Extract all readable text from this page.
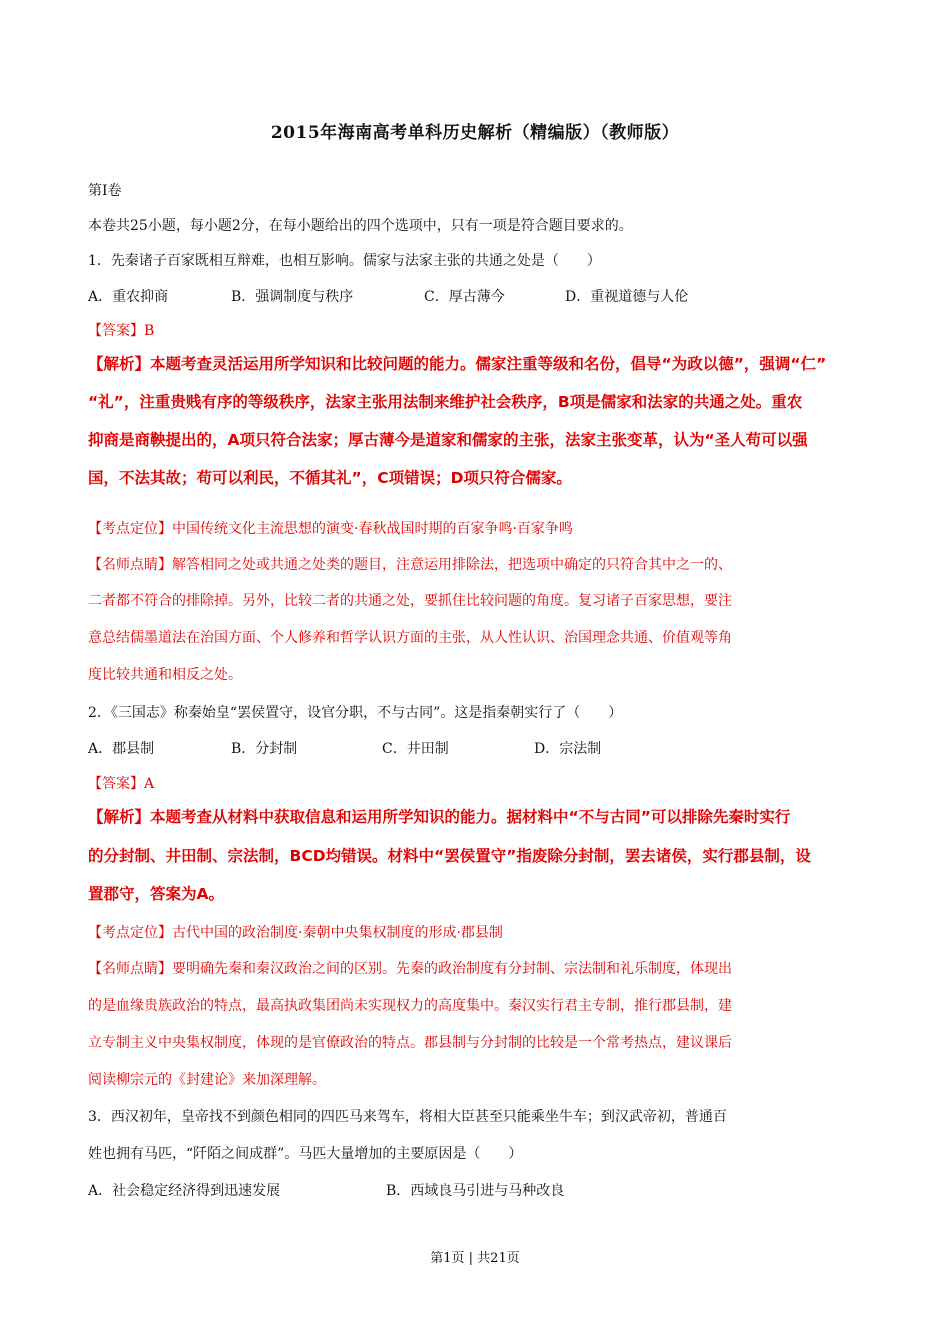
2015年海南高考单科历史解析（精编版）（教师版）
第Ⅰ卷
本卷共25小题，每小题2分，在每小题给出的四个选项中，只有一项是符合题目要求的。
1．先秦诸子百家既相互辩难，也相互影响。儒家与法家主张的共通之处是（　　）
A．重农抑商	B．强调制度与秩序	C．厚古薄今	D．重视道德与人伦
【答案】B
【解析】本题考查灵活运用所学知识和比较问题的能力。儒家注重等级和名份，倡导“为政以德”，强调“仁”
“礼”，注重贵贱有序的等级秩序，法家主张用法制来维护社会秩序，B项是儒家和法家的共通之处。重农
抑商是商鞅提出的，A项只符合法家；厚古薄今是道家和儒家的主张，法家主张变革，认为“圣人苟可以强
国，不法其故；苟可以利民，不循其礼”，C项错误；D项只符合儒家。
【考点定位】中国传统文化主流思想的演变·春秋战国时期的百家争鸣·百家争鸣
【名师点睛】解答相同之处或共通之处类的题目，注意运用排除法，把选项中确定的只符合其中之一的、
二者都不符合的排除掉。另外，比较二者的共通之处，要抓住比较问题的角度。复习诸子百家思想，要注
意总结儒墨道法在治国方面、个人修养和哲学认识方面的主张，从人性认识、治国理念共通、价值观等角
度比较共通和相反之处。
2．《三国志》称秦始皇“罢侯置守，设官分职，不与古同”。这是指秦朝实行了（　　）
A．郡县制	B．分封制	C．井田制	D．宗法制
【答案】A
【解析】本题考查从材料中获取信息和运用所学知识的能力。据材料中“不与古同”可以排除先秦时实行
的分封制、井田制、宗法制，BCD均错误。材料中“罢侯置守”指废除分封制，罢去诸侯，实行郡县制，设
置郡守，答案为A。
【考点定位】古代中国的政治制度·秦朝中央集权制度的形成·郡县制
【名师点睛】要明确先秦和秦汉政治之间的区别。先秦的政治制度有分封制、宗法制和礼乐制度，体现出
的是血缘贵族政治的特点，最高执政集团尚未实现权力的高度集中。秦汉实行君主专制，推行郡县制，建
立专制主义中央集权制度，体现的是官僚政治的特点。郡县制与分封制的比较是一个常考热点，建议课后
阅读柳宗元的《封建论》来加深理解。
3．西汉初年，皇帝找不到颜色相同的四匹马来驾车，将相大臣甚至只能乘坐牛车；到汉武帝初，普通百
姓也拥有马匹，“阡陌之间成群”。马匹大量增加的主要原因是（　　）
A．社会稳定经济得到迅速发展	B．西域良马引进与马种改良
第1页 | 共21页
